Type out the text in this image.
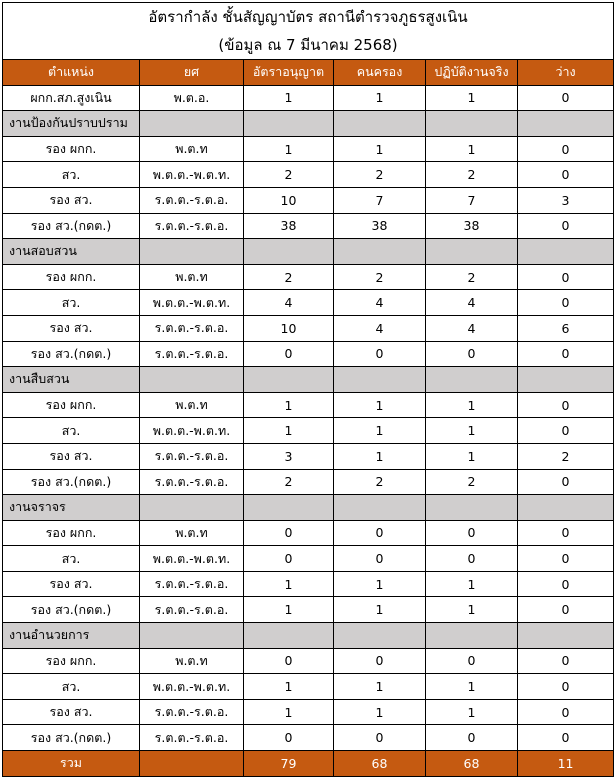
อัตรากำลัง ชั้นสัญญาบัตร สถานีตำรวจภูธรสูงเนิน					
(ข้อมูล ณ 7 มีนาคม 2568)					
ตำแหน่ง	ยศ	อัตราอนุญาต	คนครอง	ปฏิบัติงานจริง	ว่าง
ผกก.สภ.สูงเนิน	พ.ต.อ.	1	1	1	0
งานป้องกันปราบปราม					
รอง ผกก.	พ.ต.ท	1	1	1	0
สว.	พ.ต.ต.-พ.ต.ท.	2	2	2	0
รอง สว.	ร.ต.ต.-ร.ต.อ.	10	7	7	3
รอง สว.(กดต.)	ร.ต.ต.-ร.ต.อ.	38	38	38	0
งานสอบสวน					
รอง ผกก.	พ.ต.ท	2	2	2	0
สว.	พ.ต.ต.-พ.ต.ท.	4	4	4	0
รอง สว.	ร.ต.ต.-ร.ต.อ.	10	4	4	6
รอง สว.(กดต.)	ร.ต.ต.-ร.ต.อ.	0	0	0	0
งานสืบสวน					
รอง ผกก.	พ.ต.ท	1	1	1	0
สว.	พ.ต.ต.-พ.ต.ท.	1	1	1	0
รอง สว.	ร.ต.ต.-ร.ต.อ.	3	1	1	2
รอง สว.(กดต.)	ร.ต.ต.-ร.ต.อ.	2	2	2	0
งานจราจร					
รอง ผกก.	พ.ต.ท	0	0	0	0
สว.	พ.ต.ต.-พ.ต.ท.	0	0	0	0
รอง สว.	ร.ต.ต.-ร.ต.อ.	1	1	1	0
รอง สว.(กดต.)	ร.ต.ต.-ร.ต.อ.	1	1	1	0
งานอำนวยการ					
รอง ผกก.	พ.ต.ท	0	0	0	0
สว.	พ.ต.ต.-พ.ต.ท.	1	1	1	0
รอง สว.	ร.ต.ต.-ร.ต.อ.	1	1	1	0
รอง สว.(กดต.)	ร.ต.ต.-ร.ต.อ.	0	0	0	0
รวม		79	68	68	11
